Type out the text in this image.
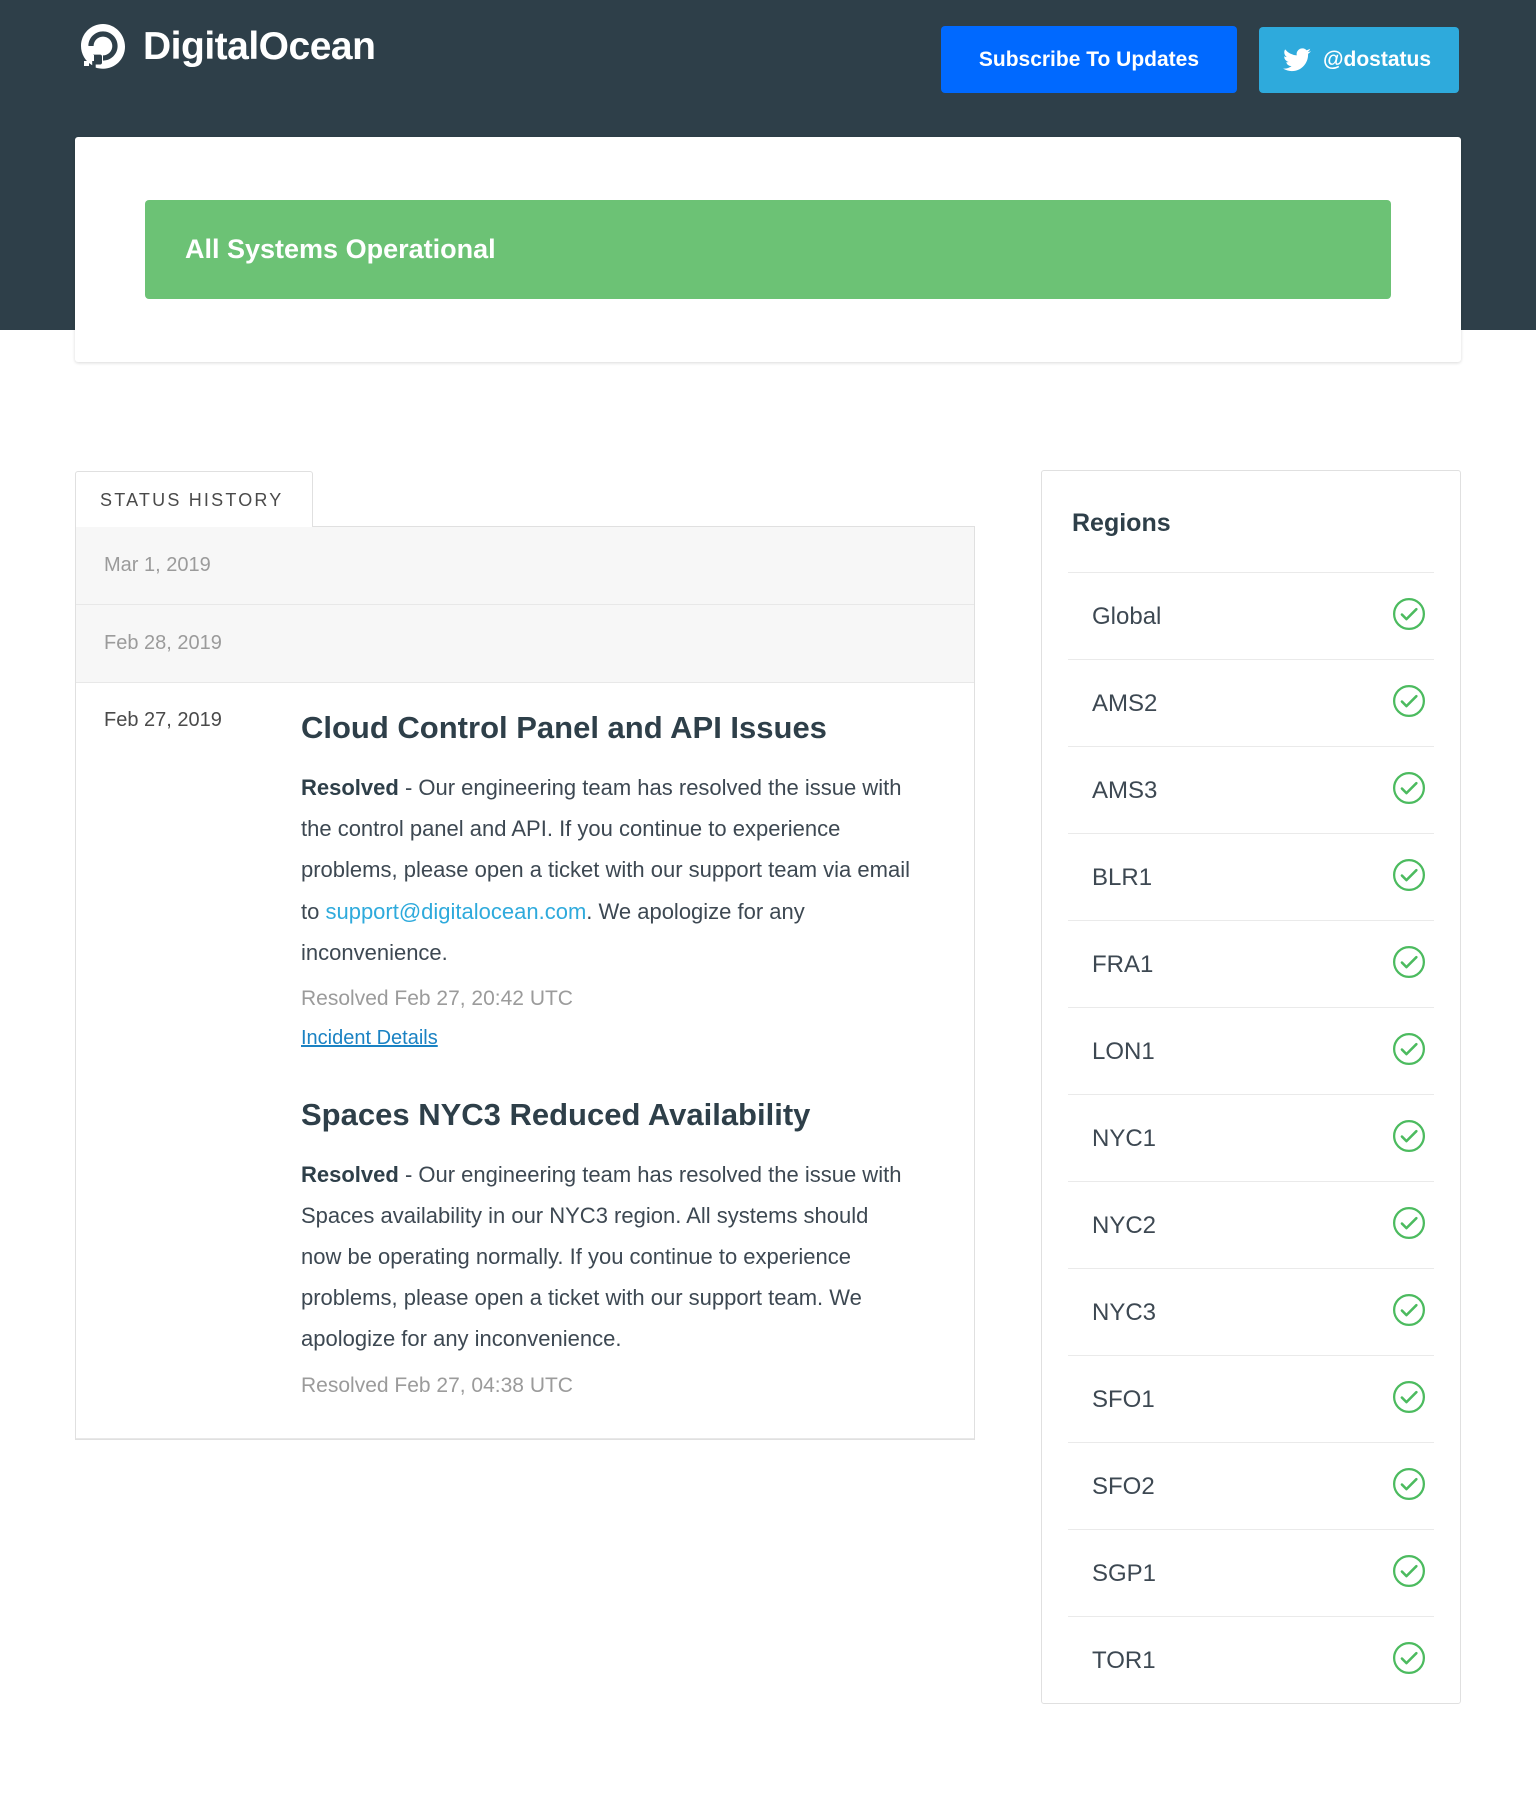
DigitalOcean	Subscribe To Updates	@dostatus
All Systems Operational
STATUS HISTORY
Mar 1, 2019
Feb 28, 2019
Feb 27, 2019	Cloud Control Panel and API Issues

Resolved - Our engineering team has resolved the issue with the control panel and API. If you continue to experience problems, please open a ticket with our support team via email to support@digitalocean.com. We apologize for any inconvenience.

Resolved Feb 27, 20:42 UTC
Incident Details
Spaces NYC3 Reduced Availability

Resolved - Our engineering team has resolved the issue with Spaces availability in our NYC3 region. All systems should now be operating normally. If you continue to experience problems, please open a ticket with our support team. We apologize for any inconvenience.

Resolved Feb 27, 04:38 UTC
Regions
Global
AMS2
AMS3
BLR1
FRA1
LON1
NYC1
NYC2
NYC3
SFO1
SFO2
SGP1
TOR1
